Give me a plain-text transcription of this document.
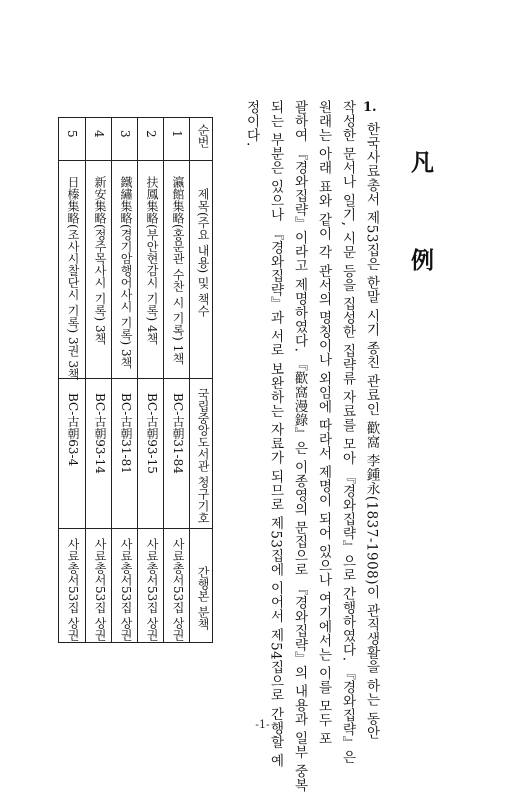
凡　例
1.
한국사료총서 제53집은 한말 시기 종친 관료인 歡窩 李鍾永(1837-1908)이 관직생활을 하는 동안
작성한 문서나 일기, 시문 등을 집성한 집략류 자료를 모아 『경와집략』으로 간행하였다. 『경와집략』은
원래는 아래 표와 같이 각 관서의 명칭이나 외임에 따라서 제명이 되어 있으나 여기에서는 이를 모두 포
괄하여 『경와집략』이라고 제명하였다. 『歡窩漫錄』은 이종영의 문집으로 『경와집략』의 내용과 일부 중복
되는 부분은 있으나 『경와집략』과 서로 보완하는 자료가 되므로 제53집에 이어서 제54집으로 간행할 예
정이다.
순번
제목(주요 내용) 및 책수
국립중앙도서관 청구기호
간행본 분책
1
瀛館集略(홍문관 수찬 시 기록) 1책
BC-古朝31-84
사료총서53집 상권
2
扶鳳集略(부안현감시 기록) 4책
BC-古朝93-15
사료총서53집 상권
3
鐵繡集略(경기암행어사시 기록) 3책
BC-古朝31-81
사료총서53집 상권
4
新安集略(정주목사시 기록) 3책
BC-古朝93-14
사료총서53집 상권
5
日榛集略(조사시찰단시 기록) 3권 3책
BC-古朝63-4
사료총서53집 상권
-1-
